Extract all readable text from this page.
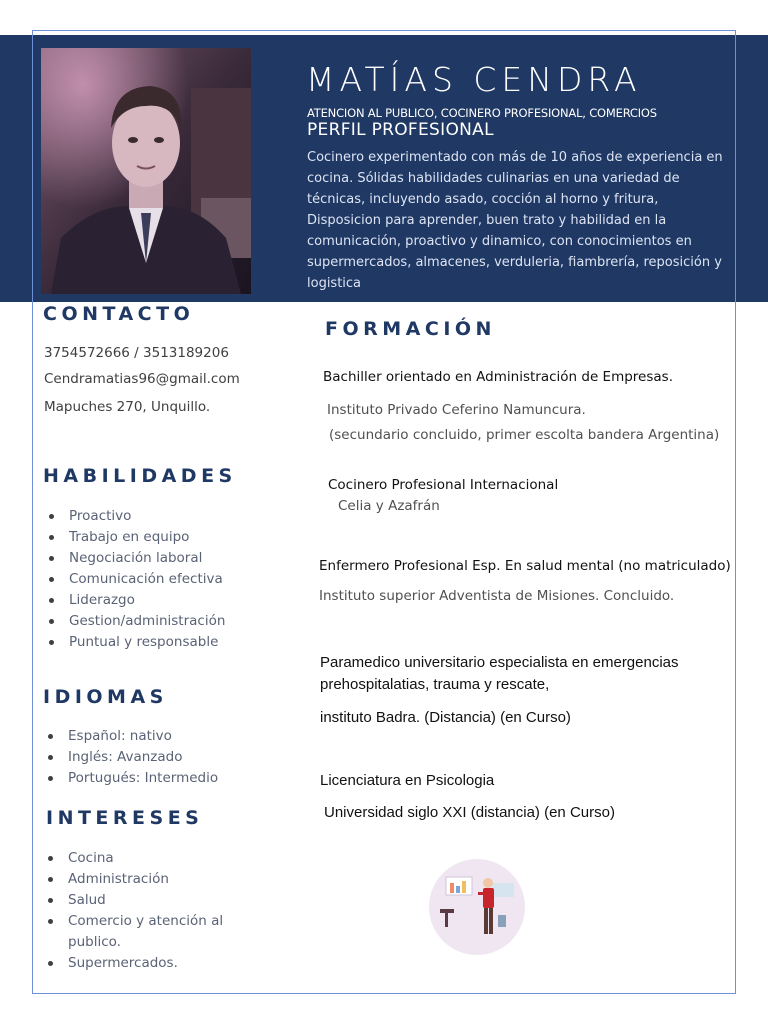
MATÍAS CENDRA
ATENCION AL PUBLICO, COCINERO PROFESIONAL, COMERCIOS
PERFIL PROFESIONAL
Cocinero experimentado con más de 10 años de experiencia en cocina. Sólidas habilidades culinarias en una variedad de técnicas, incluyendo asado, cocción al horno y fritura, Disposicion para aprender, buen trato y habilidad en la comunicación, proactivo y dinamico, con conocimientos en supermercados, almacenes, verduleria, fiambrería, reposición y logistica
CONTACTO
3754572666 / 3513189206
Cendramatias96@gmail.com
Mapuches 270, Unquillo.
HABILIDADES
Proactivo
Trabajo en equipo
Negociación laboral
Comunicación efectiva
Liderazgo
Gestion/administración
Puntual y responsable
IDIOMAS
Español: nativo
Inglés: Avanzado
Portugués: Intermedio
INTERESES
Cocina
Administración
Salud
Comercio y atención al publico.
Supermercados.
FORMACIÓN
Bachiller orientado en Administración de Empresas.
Instituto Privado Ceferino Namuncura.
(secundario concluido, primer escolta bandera Argentina)
Cocinero Profesional Internacional
Celia y Azafrán
Enfermero Profesional Esp. En salud mental (no matriculado)
Instituto superior Adventista de Misiones. Concluido.
Paramedico universitario especialista en emergencias
prehospitalatias, trauma y rescate,
instituto Badra. (Distancia) (en Curso)
Licenciatura en Psicologia
Universidad siglo XXI (distancia) (en Curso)
